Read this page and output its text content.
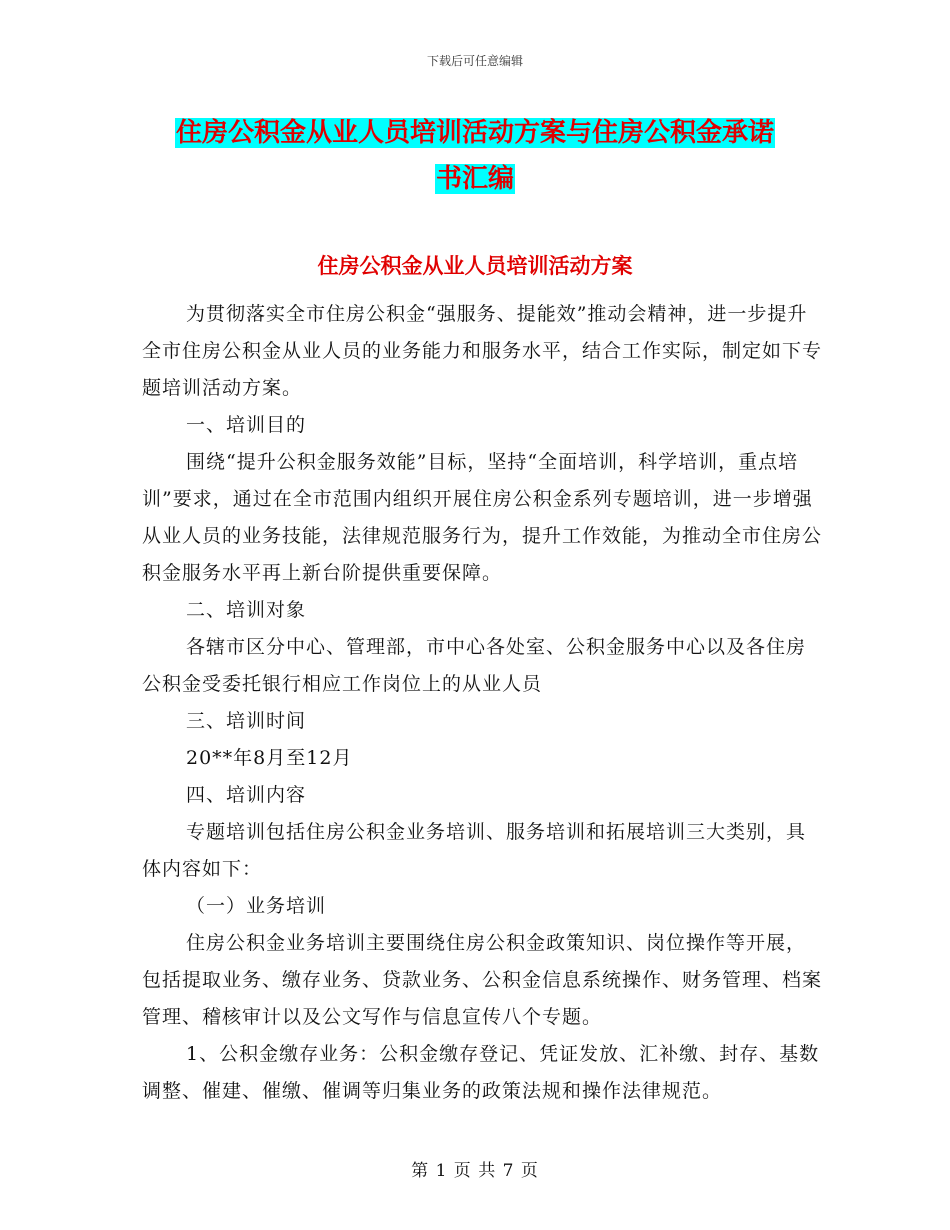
下载后可任意编辑
住房公积金从业人员培训活动方案与住房公积金承诺
书汇编
住房公积金从业人员培训活动方案

为贯彻落实全市住房公积金“强服务、提能效”推动会精神，进一步提升全市住房公积金从业人员的业务能力和服务水平，结合工作实际，制定如下专题培训活动方案。

一、培训目的

围绕“提升公积金服务效能”目标，坚持“全面培训，科学培训，重点培训”要求，通过在全市范围内组织开展住房公积金系列专题培训，进一步增强从业人员的业务技能，法律规范服务行为，提升工作效能，为推动全市住房公积金服务水平再上新台阶提供重要保障。

二、培训对象

各辖市区分中心、管理部，市中心各处室、公积金服务中心以及各住房公积金受委托银行相应工作岗位上的从业人员

三、培训时间

20**年8月至12月

四、培训内容

专题培训包括住房公积金业务培训、服务培训和拓展培训三大类别，具体内容如下：

（一）业务培训

住房公积金业务培训主要围绕住房公积金政策知识、岗位操作等开展，包括提取业务、缴存业务、贷款业务、公积金信息系统操作、财务管理、档案管理、稽核审计以及公文写作与信息宣传八个专题。

1、公积金缴存业务：公积金缴存登记、凭证发放、汇补缴、封存、基数调整、催建、催缴、催调等归集业务的政策法规和操作法律规范。

第 1 页 共 7 页
